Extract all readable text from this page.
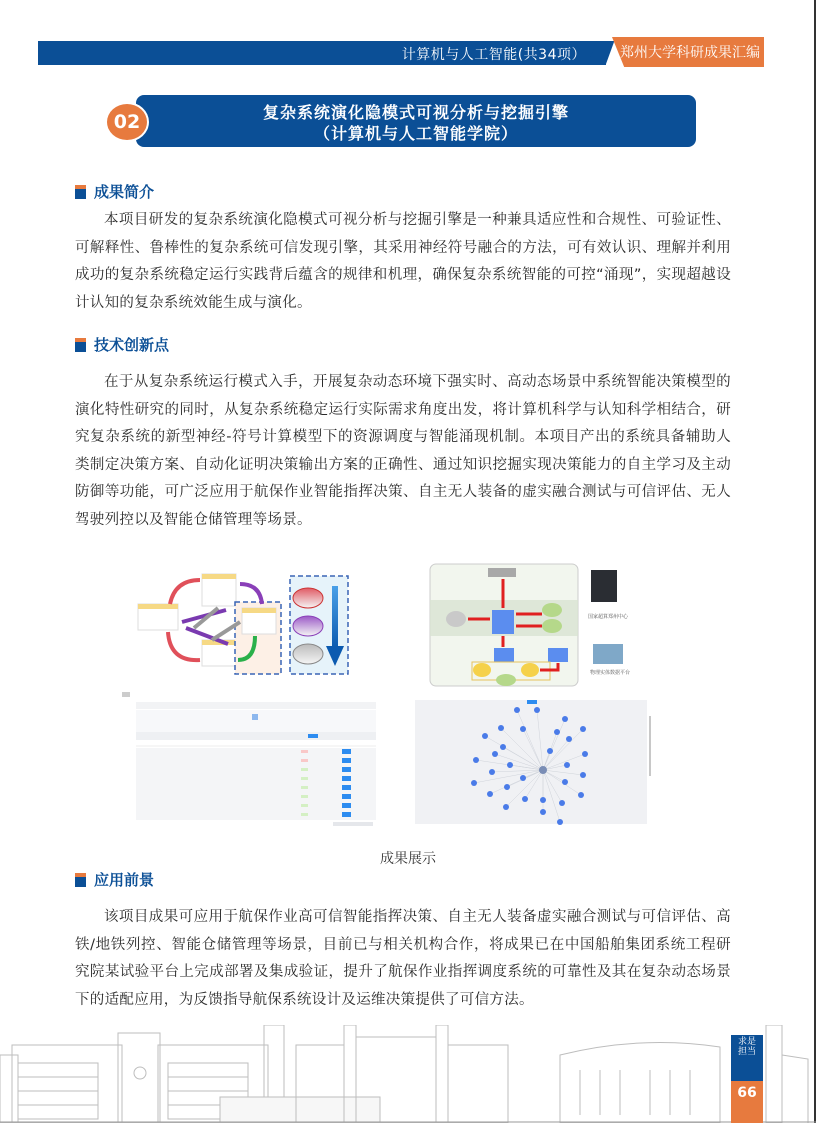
计算机与人工智能(共34项） 郑州大学科研成果汇编
复杂系统演化隐模式可视分析与挖掘引擎
（计算机与人工智能学院）
02
成果简介

本项目研发的复杂系统演化隐模式可视分析与挖掘引擎是一种兼具适应性和合规性、可验证性、可解释性、鲁棒性的复杂系统可信发现引擎，其采用神经符号融合的方法，可有效认识、理解并利用成功的复杂系统稳定运行实践背后蕴含的规律和机理，确保复杂系统智能的可控“涌现”，实现超越设计认知的复杂系统效能生成与演化。

技术创新点

在于从复杂系统运行模式入手，开展复杂动态环境下强实时、高动态场景中系统智能决策模型的演化特性研究的同时，从复杂系统稳定运行实际需求角度出发，将计算机科学与认知科学相结合，研究复杂系统的新型神经-符号计算模型下的资源调度与智能涌现机制。本项目产出的系统具备辅助人类制定决策方案、自动化证明决策输出方案的正确性、通过知识挖掘实现决策能力的自主学习及主动防御等功能，可广泛应用于航保作业智能指挥决策、自主无人装备的虚实融合测试与可信评估、无人驾驶列控以及智能仓储管理等场景。

国家超算郑州中心
物理实体数据平台
成果展示
应用前景

该项目成果可应用于航保作业高可信智能指挥决策、自主无人装备虚实融合测试与可信评估、高铁/地铁列控、智能仓储管理等场景，目前已与相关机构合作，将成果已在中国船舶集团系统工程研究院某试验平台上完成部署及集成验证，提升了航保作业指挥调度系统的可靠性及其在复杂动态场景下的适配应用，为反馈指导航保系统设计及运维决策提供了可信方法。

求是担当
66
